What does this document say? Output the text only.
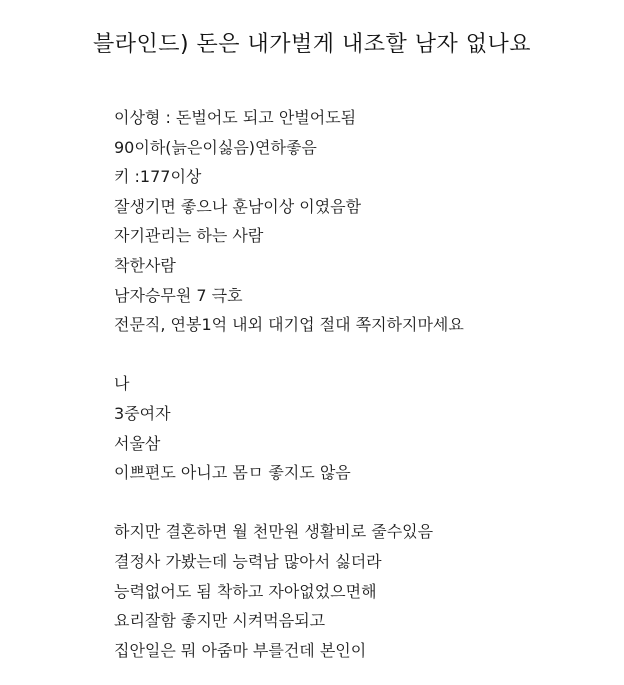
블라인드) 돈은 내가벌게 내조할 남자 없나요
이상형 : 돈벌어도 되고 안벌어도됨
90이하(늙은이싫음)연하좋음
키 :177이상
잘생기면 좋으나 훈남이상 이였음함
자기관리는 하는 사람
착한사람
남자승무원 7 극호
전문직, 연봉1억 내외 대기업 절대 쪽지하지마세요
나
3중여자
서울삼
이쁘편도 아니고 몸ㅁ 좋지도 않음
하지만 결혼하면 월 천만원 생활비로 줄수있음
결정사 가봤는데 능력남 많아서 싫더라
능력없어도 됨 착하고 자아없었으면해
요리잘함 좋지만 시켜먹음되고
집안일은 뭐 아줌마 부를건데 본인이
